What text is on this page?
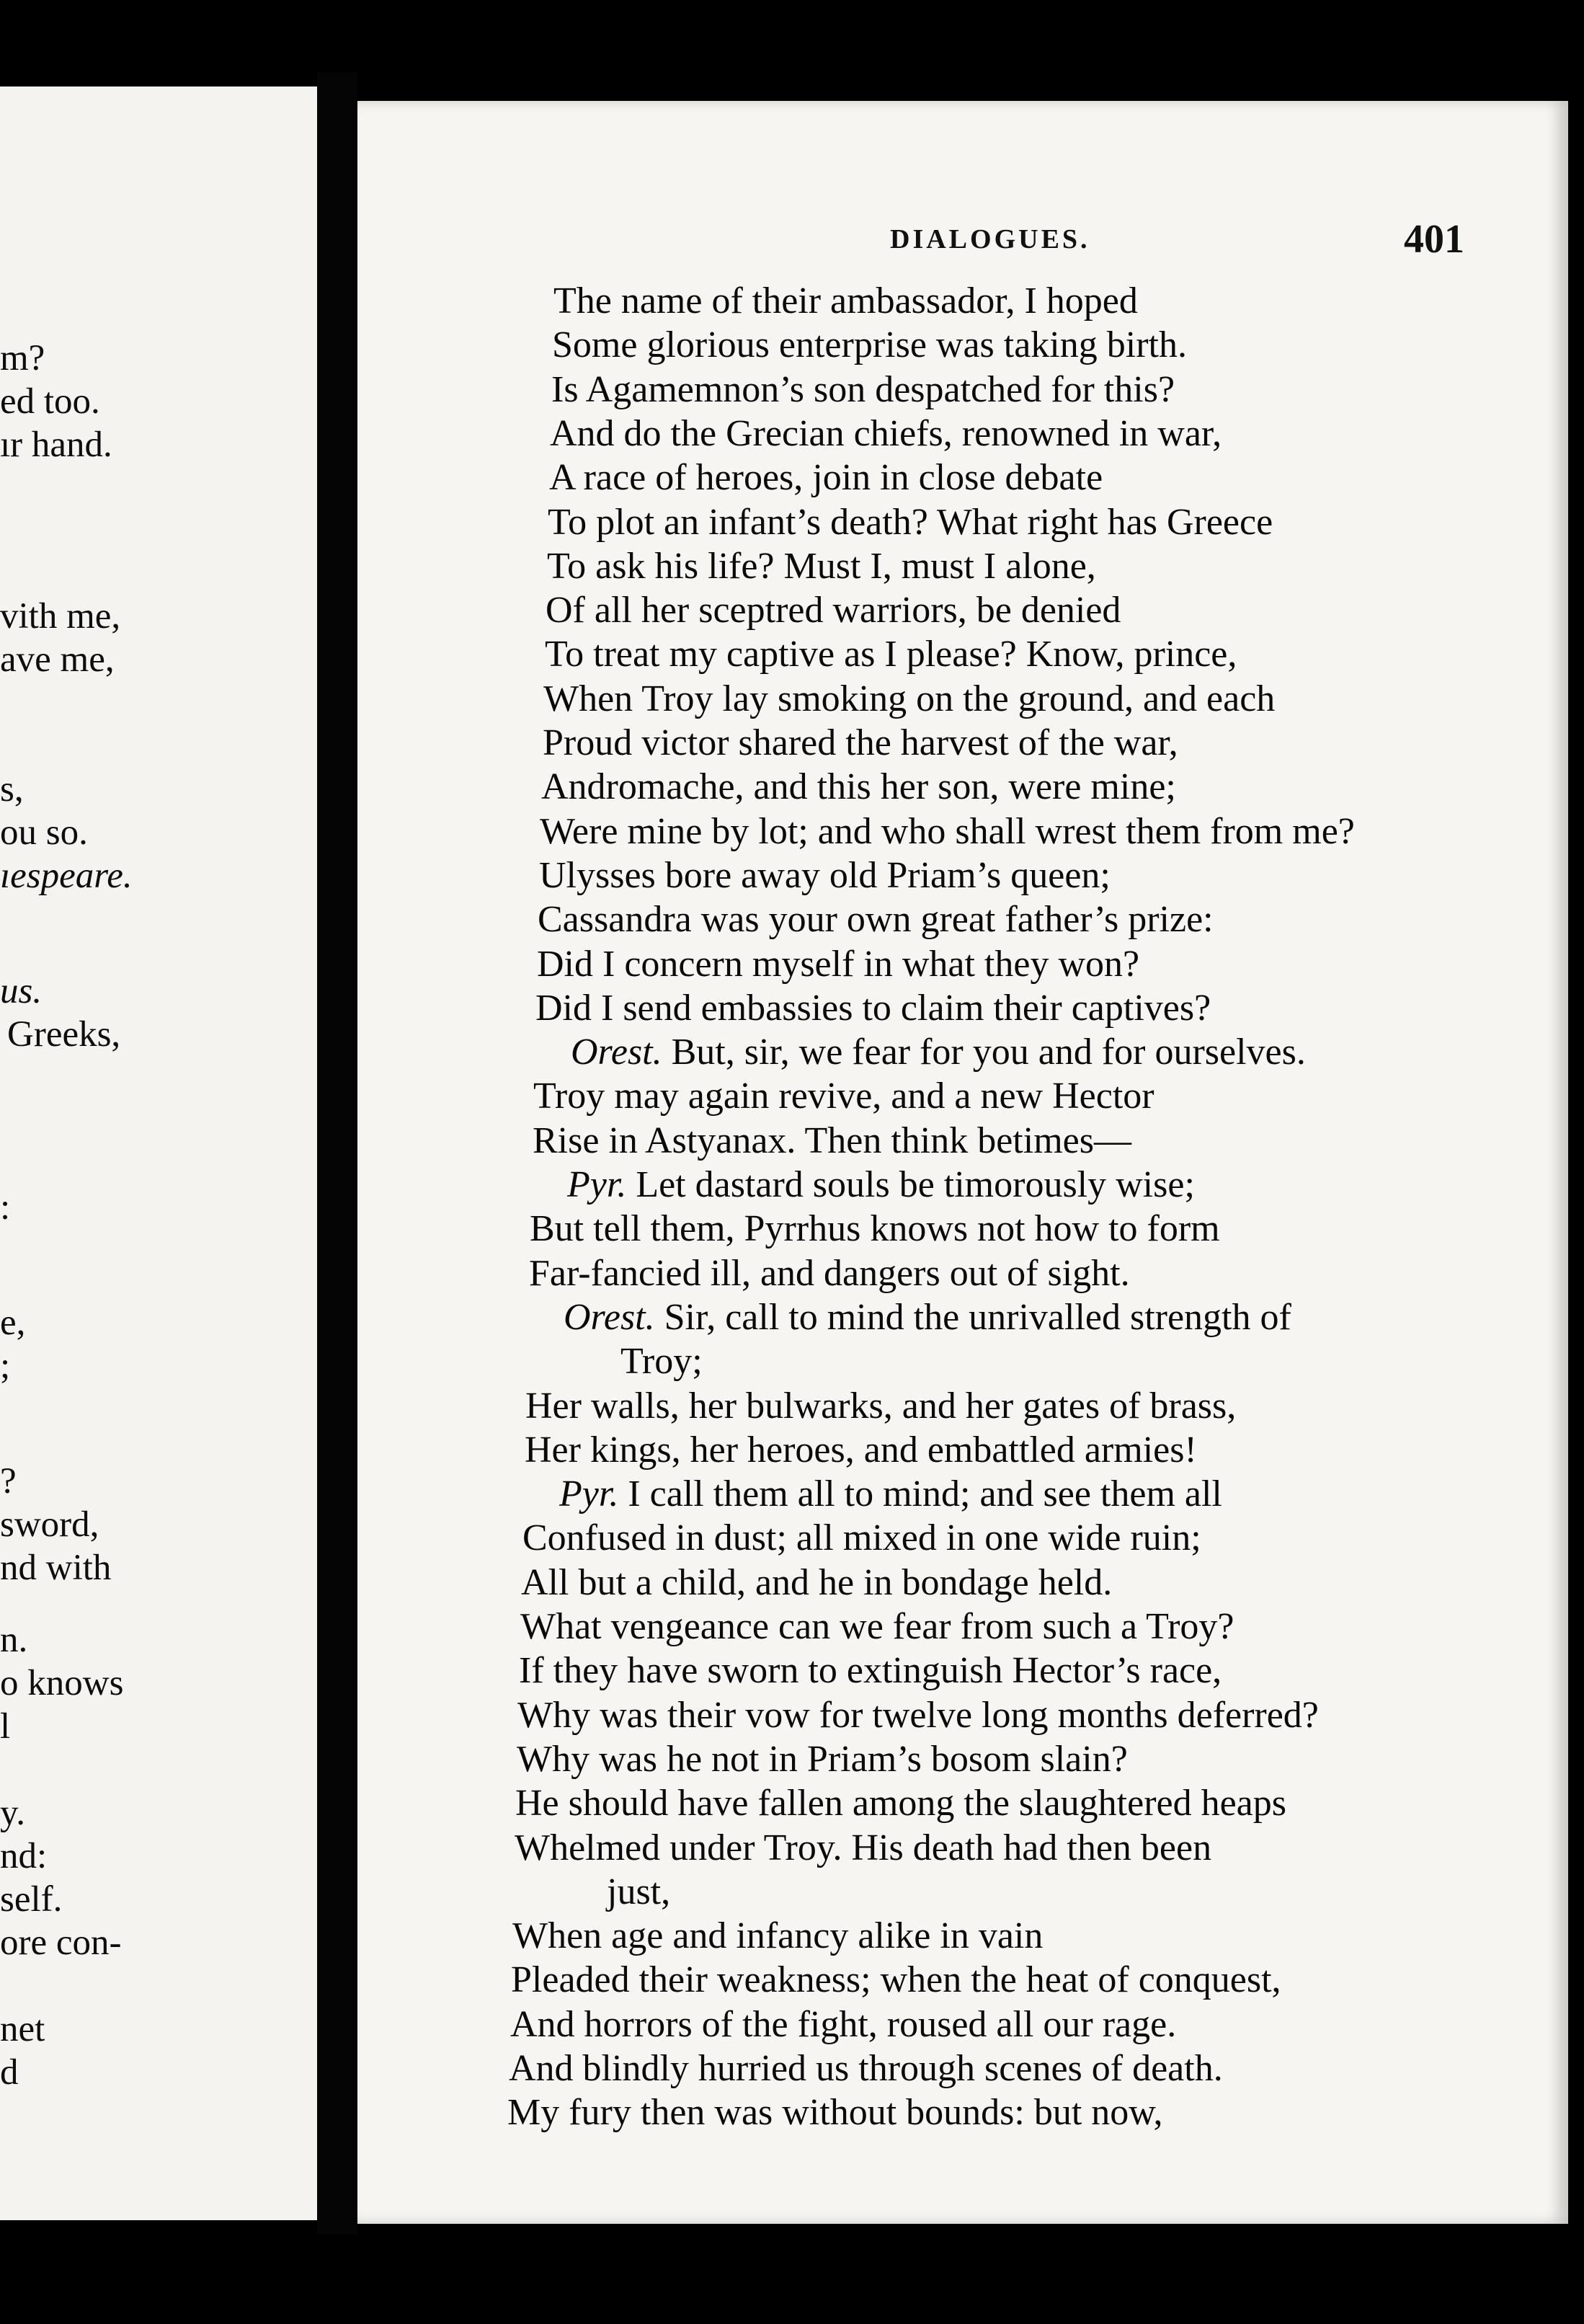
m?
ed too.
ır hand.
vith me,
ave me,
s,
ou so.
ıespeare.
us.
Greeks,
:
e,
;
?
sword,
nd with
n.
o knows
l
y.
nd:
self.
ore con-
net
d
DIALOGUES.	401
The name of their ambassador, I hoped
Some glorious enterprise was taking birth.
Is Agamemnon’s son despatched for this?
And do the Grecian chiefs, renowned in war,
A race of heroes, join in close debate
To plot an infant’s death? What right has Greece
To ask his life? Must I, must I alone,
Of all her sceptred warriors, be denied
To treat my captive as I please? Know, prince,
When Troy lay smoking on the ground, and each
Proud victor shared the harvest of the war,
Andromache, and this her son, were mine;
Were mine by lot; and who shall wrest them from me?
Ulysses bore away old Priam’s queen;
Cassandra was your own great father’s prize:
Did I concern myself in what they won?
Did I send embassies to claim their captives?
Orest. But, sir, we fear for you and for ourselves.
Troy may again revive, and a new Hector
Rise in Astyanax. Then think betimes—
Pyr. Let dastard souls be timorously wise;
But tell them, Pyrrhus knows not how to form
Far-fancied ill, and dangers out of sight.
Orest. Sir, call to mind the unrivalled strength of
Troy;
Her walls, her bulwarks, and her gates of brass,
Her kings, her heroes, and embattled armies!
Pyr. I call them all to mind; and see them all
Confused in dust; all mixed in one wide ruin;
All but a child, and he in bondage held.
What vengeance can we fear from such a Troy?
If they have sworn to extinguish Hector’s race,
Why was their vow for twelve long months deferred?
Why was he not in Priam’s bosom slain?
He should have fallen among the slaughtered heaps
Whelmed under Troy. His death had then been
just,
When age and infancy alike in vain
Pleaded their weakness; when the heat of conquest,
And horrors of the fight, roused all our rage.
And blindly hurried us through scenes of death.
My fury then was without bounds: but now,
